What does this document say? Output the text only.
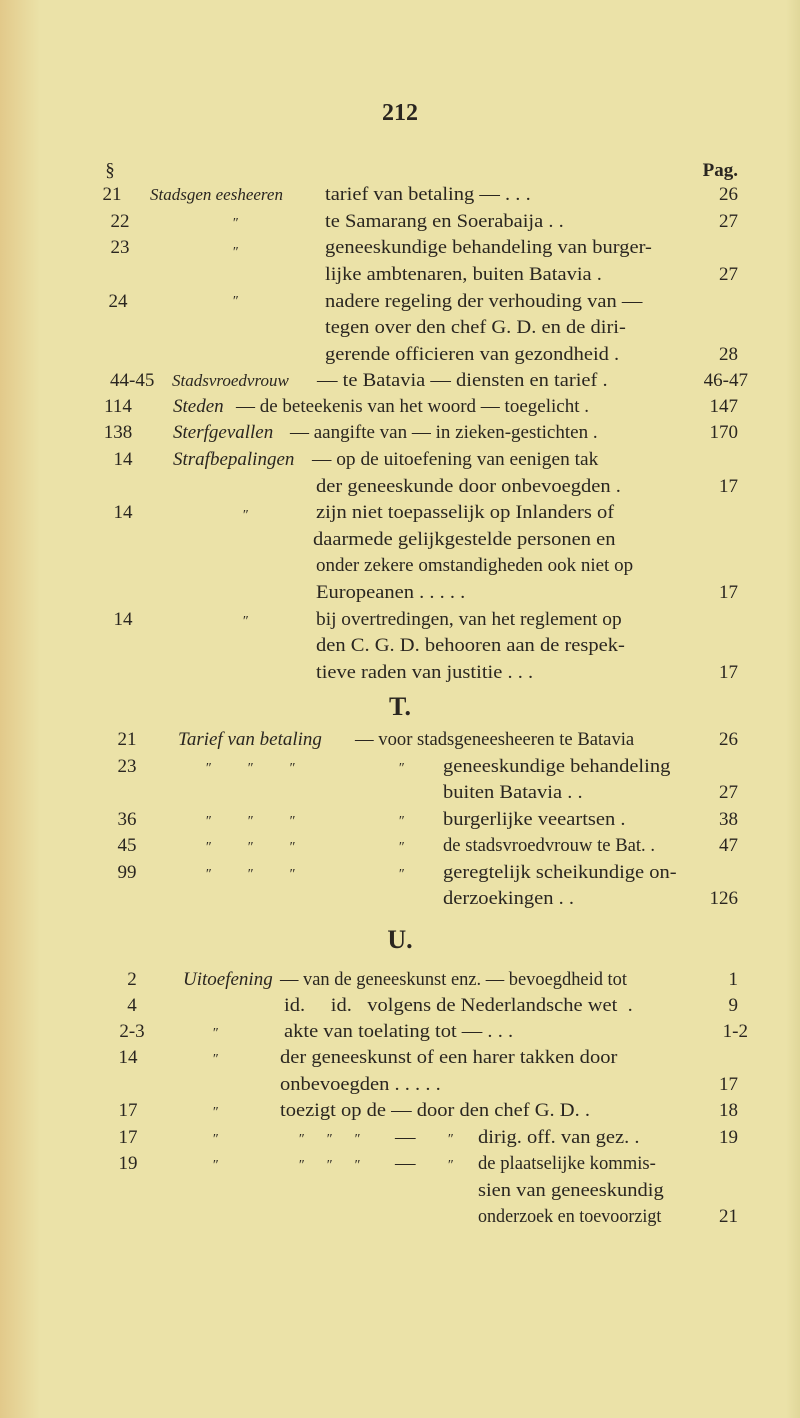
212
§	Pag.
21	Stadsgen eesheeren tarief van betaling — . . .	26
22	″	te Samarang en Soerabaija . .	27
23	″	geneeskundige behandeling van burger-
lijke ambtenaren, buiten Batavia .	27
24	″	nadere regeling der verhouding van —
tegen over den chef G. D. en de diri-
gerende officieren van gezondheid .	28
44-45 Stadsvroedvrouw — te Batavia — diensten en tarief .	46-47
114	Steden — de beteekenis van het woord — toegelicht .	147
138	Sterfgevallen — aangifte van — in zieken-gestichten .	170
14	Strafbepalingen — op de uitoefening van eenigen tak
der geneeskunde door onbevoegden .	17
14	″	zijn niet toepasselijk op Inlanders of
daarmede gelijkgestelde personen en
onder zekere omstandigheden ook niet op
Europeanen . . . . .	17
14	″	bij overtredingen, van het reglement op
den C. G. D. behooren aan de respek-
tieve raden van justitie . . .	17
T.
21	Tarief van betaling — voor stadsgeneesheeren te Batavia	26
23	″″″	″ geneeskundige behandeling
buiten Batavia . .	27
36	″″″	″ burgerlijke veeartsen .	38
45	″″″	″ de stadsvroedvrouw te Bat. .	47
99	″″″	″ geregtelijk scheikundige on-
derzoekingen . .	126
U.
2	Uitoefening — van de geneeskunst enz. — bevoegdheid tot	1
4	id.     id.   volgens de Nederlandsche wet  .	9
2-3	″	akte van toelating tot — . . .	1-2
14	″	der geneeskunst of een harer takken door
onbevoegden . . . . .	17
17	″	toezigt op de — door den chef G. D. .	18
17	″	″″″ — ″ dirig. off. van gez. .	19
19	″	″″″ — ″ de plaatselijke kommis-
sien van geneeskundig
onderzoek en toevoorzigt	21
